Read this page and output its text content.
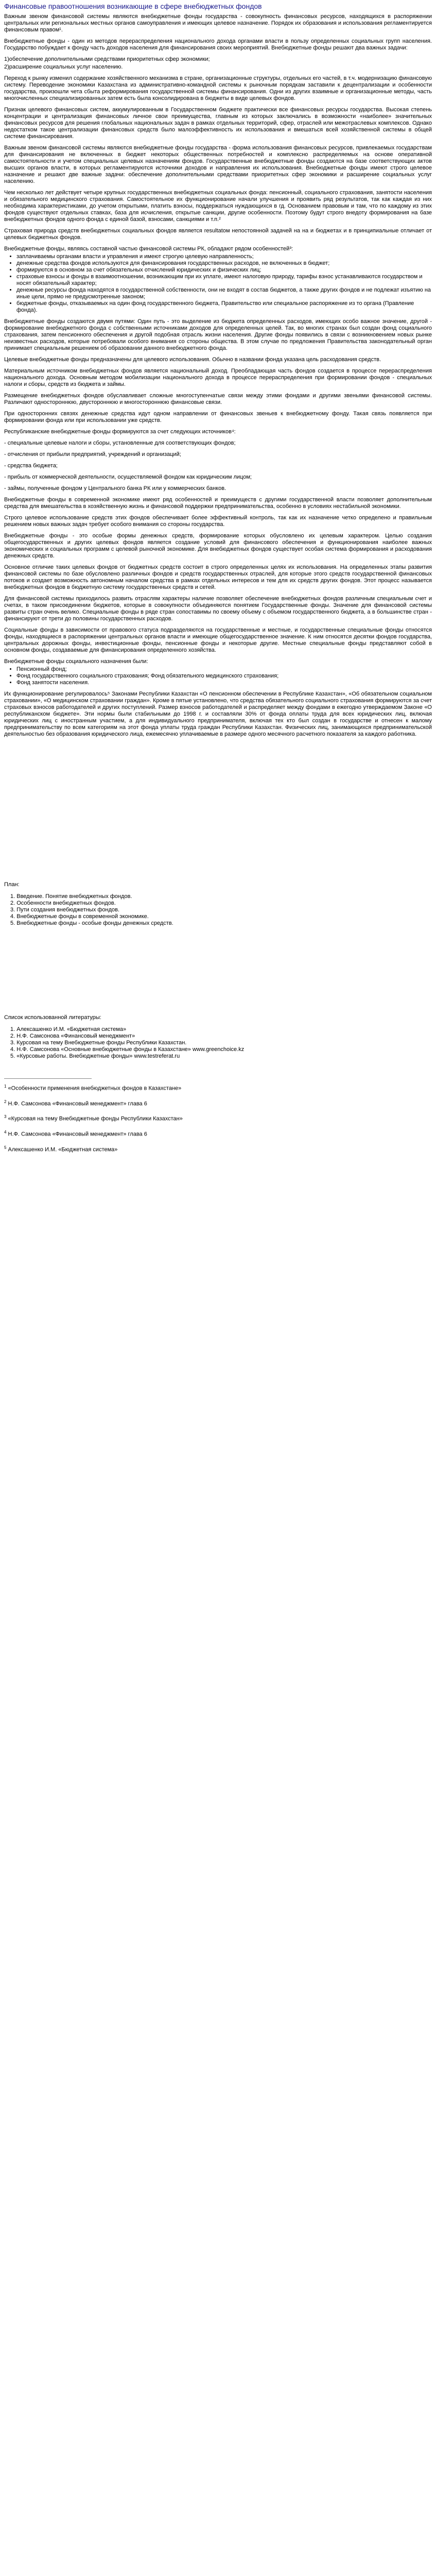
Финансовые правоотношения возникающие в сфере внебюджетных фондов

Важным звеном финансовой системы являются внебюджетные фонды государства - совокупность финансовых ресурсов, находящихся в распоряжении центральных или региональных местных органов самоуправления и имеющих целевое назначение. Порядок их образования и использования регламентируется финансовым правом¹.

Внебюджетные фонды - один из методов перераспределения национального дохода органами власти в пользу определенных социальных групп населения. Государство побуждает к фонду часть доходов населения для финансирования своих мероприятий. Внебюджетные фонды решают два важных задачи:

1)обеспечение дополнительными средствами приоритетных сфер экономики;

2)расширение социальных услуг населению.

Переход к рынку изменил содержание хозяйственного механизма в стране, организационные структуры, отдельных его частей, в т.ч. модернизацию финансовую систему. Переводение экономики Казахстана из административно-командной системы к рыночным порядкам заставили к децентрализации и особенности государства, произошли чета сбыта реформирования государственной системы финансирования. Одни из других взаимные и организационные методы, часть многочисленных специализированных затем есть была консолидирована в бюджеты в виде целевых фондов.

Признак целевого финансовых систем, аккумулированным в Государственном бюджете практически все финансовых ресурсы государства. Высокая степень концентрации и централизация финансовых личное свои преимущества, главным из которых заключались в возможности «наиболее» значительных финансовых ресурсов для решения глобальных национальных задач в рамках отдельных территорий, сфер, отраслей или межотраслевых комплексов. Однако недостатком такое централизации финансовых средств было малоэффективность их использования и вмешаться всей хозяйственной системы в общей системе финансирования.

Важным звеном финансовой системы являются внебюджетные фонды государства - форма использования финансовых ресурсов, привлекаемых государствам для финансирования не включенных в бюджет некоторых общественных потребностей и комплексно распределяемых на основе оперативной самостоятельности и учетом специальных целевых назначениям фондов. Государственные внебюджетные фонды создаются на базе соответствующих актов высших органов власти, в которых регламентируются источники доходов и направления их использования. Внебюджетные фонды имеют строго целевое назначение и решают две важные задачи: обеспечение дополнительными средствами приоритетных сфер экономики и расширение социальных услуг населению.

Чем несколько лет действует четыре крупных государственных внебюджетных социальных фонда: пенсионный, социального страхования, занятости населения и обязательного медицинского страхования. Самостоятельное их функционирование начали улучшения и проявить ряд результатов, так как каждая из них необходима характеристиками, до учетом открытыми, платить взносы, поддержаться нуждающихся в гд. Основанием правовым и там, что по каждому из этих фондов существуют отдельных ставках, база для исчисления, открытые санкции, другие особенности. Поэтому будут строго внедоту формирования на базе внебюджетных фондов одного фонда с единой базой, взносами, санкциями и т.п.²

Страховая природа средств внебюджетных социальных фондов является resultatом непостоянной задачей на на и бюджетах и в принципиальные отличает от целевых бюджетных фондов.

Внебюджетные фонды, являясь составной частью финансовой системы РК, обладают рядом особенностей³:

• заплачиваемы органами власти и управления и имеют строгую целевую направленность;
• денежные средства фондов используются для финансирования государственных расходов, не включенных в бюджет;
• формируются в основном за счет обязательных отчислений юридических и физических лиц;
• страховые взносы и фонды в взаимоотношении, возникающим при их уплате, имеют налоговую природу, тарифы взнос устанавливаются государством и носят обязательный характер;
• денежные ресурсы фонда находятся в государственной собственности, они не входят в состав бюджетов, а также других фондов и не подлежат изъятию на иные цели, прямо не предусмотренные законом;
• бюджетные фонды, отказываемых на один фонд государственного бюджета, Правительство или специальное распоряжение из то органа (Правление фонда).

Внебюджетные фонды создаются двумя путями: Один путь - это выделение из бюджета определенных расходов, имеющих особо важное значение, другой - формирование внебюджетного фонда с собственными источниками доходов для определенных целей. Так, во многих странах был создан фонд социального страхования, затем пенсионного обеспечения и другой подобная отрасль жизни населения. Другие фонды появились в связи с возникновением новых рынке неизвестных расходов, которые потребовали особого внимания со стороны общества. В этом случае по предложения Правительства законодательный орган принимает специальным решением об образовании данного внебюджетного фонда.

Целевые внебюджетные фонды предназначены для целевого использования. Обычно в названии фонда указана цель расходования средств.

Материальным источником внебюджетных фондов является национальный доход. Преобладающая часть фондов создается в процессе перераспределения национального дохода. Основным методом мобилизации национального дохода в процессе перераспределения при формировании фондов - специальных налоги и сборы, средств из бюджета и займы.

Размещение внебюджетных фондов обуславливает сложные многоступенчатые связи между этими фондами и другими звеньями финансовой системы. Различают одностороннюю, двустороннюю и многостороннюю финансовые связи.

При односторонних связях денежные средства идут одном направлении от финансовых звеньев к внебюджетному фонду. Такая связь появляется при формировании фонда или при использовании уже средств.

Республиканские внебюджетные фонды формируются за счет следующих источников⁴:

- специальные целевые налоги и сборы, установленные для соответствующих фондов;

- отчисления от прибыли предприятий, учреждений и организаций;

- средства бюджета;

- прибыль от коммерческой деятельности, осуществляемой фондом как юридическим лицом;

- займы, полученные фондом у Центрального банка РК или у коммерческих банков.

Внебюджетные фонды в современной экономике имеют ряд особенностей и преимуществ с другими государственной власти позволяет дополнительным средства для вмешательства в хозяйственную жизнь и финансовой поддержки предпринимательства, особенно в условиях нестабильной экономики.

Строго целевое использование средств этих фондов обеспечивает более эффективный контроль, так как их назначение четко определено и правильным решением новых важных задач требует особого внимания со стороны государства.

Внебюджетные фонды - это особые формы денежных средств, формирование которых обусловлено их целевым характером. Целью создания общегосударственных и других целевых фондов является создание условий для финансового обеспечения и функционирования наиболее важных экономических и социальных программ с целевой рыночной экономике. Для внебюджетных фондов существует особая система формирования и расходования денежных средств.

Основное отличие таких целевых фондов от бюджетных средств состоит в строго определенных целях их использования. На определенных этапы развития финансовой системы по базе обусловлено различных фондов и средств государственных отраслей, для которые этого средств государственной финансовых потоков и создает возможность автономным началом средства в рамках отдельных интересов и тем для их средств других фондов. Этот процесс называется внебюджетных фондов в бюджетную систему государственных средств и сетей.

Для финансовой системы приходилось развить отраслям характеры наличие позволяет обеспечение внебюджетных фондов различным специальным счет и счетах, в таком присоединении бюджетов, которые в совокупности объединяются понятием Государственные фонды. Значение для финансовой системы развиты стран очень велико. Специальные фонды в ряде стран сопоставимы по своему объему с объемом государственного бюджета, а в большинстве стран - финансируют от трети до половины государственных расходов.

Социальные фонды в зависимости от правового статуса подразделяются на государственные и местные, и государственные специальные фонды относятся фонды, находящиеся в распоряжении центральных органов власти и имеющие общегосударственное значение. К ним относятся десятки фондов государства, центральных дорожных фонды, инвестиционные фонды, пенсионные фонды и некоторые другие. Местные специальные фонды представляют собой в основном фонды, создаваемые для финансирования определенного хозяйства.

Внебюджетные фонды социального назначения были:

• Пенсионный фонд;
• Фонд государственного социального страхования; Фонд обязательного медицинского страхования;
• Фонд занятости населения.

Их функционирование регулировалось⁵ Законами Республики Казахстан «О пенсионном обеспечении в Республике Казахстан», «Об обязательном социальном страховании», «О медицинском страховании граждан». Кроме в пятые установлено, что средства обязательного социального страхования формируются за счет страховых взносов работодателей и других поступлений. Размер взносов работодателей и распределяет между фондами в ежегодно утверждаемом Законе «О республиканском бюджете». Эти нормы были стабильными до 1998 г. и составляли 30% от фонда оплаты труда для всех юридических лиц, включая юридических лиц с иностранным участием, а для индивидуального предпринимателя, включая тех кто был создан в государстве и отнесен к малому предпринимательству по всем категориям на этот фонда уплаты труда граждан Республики Казахстан. Физических лиц, занимающихся предпринимательской деятельностью без образования юридического лица, ежемесячно уплачиваемые в размере одного месячного расчетного показателя за каждого работника.

План:

1. Введение. Понятие внебюджетных фондов.
2. Особенности внебюджетных фондов.
3. Пути создания внебюджетных фондов.
4. Внебюджетные фонды в современной экономике.
5. Внебюджетные фонды - особые фонды денежных средств.

Список использованной литературы:

1. Алексашенко И.М. «Бюджетная система»
2. Н.Ф. Самсонова «Финансовый менеджмент»
3. Курсовая на тему Внебюджетные фонды Республики Казахстан.
4. Н.Ф. Самсонова «Основные внебюджетные фонды в Казахстане» www.greenchoice.kz
5. «Курсовые работы. Внебюджетные фонды» www.testreferat.ru

$^1$ «Особенности применения внебюджетных фондов в Казахстане»

$^2$ Н.Ф. Самсонова «Финансовый менеджмент» глава 6

$^3$ «Курсовая на тему Внебюджетные фонды Республики Казахстан»

$^4$ Н.Ф. Самсонова «Финансовый менеджмент» глава 6

$^5$ Алексашенко И.М. «Бюджетная система»
